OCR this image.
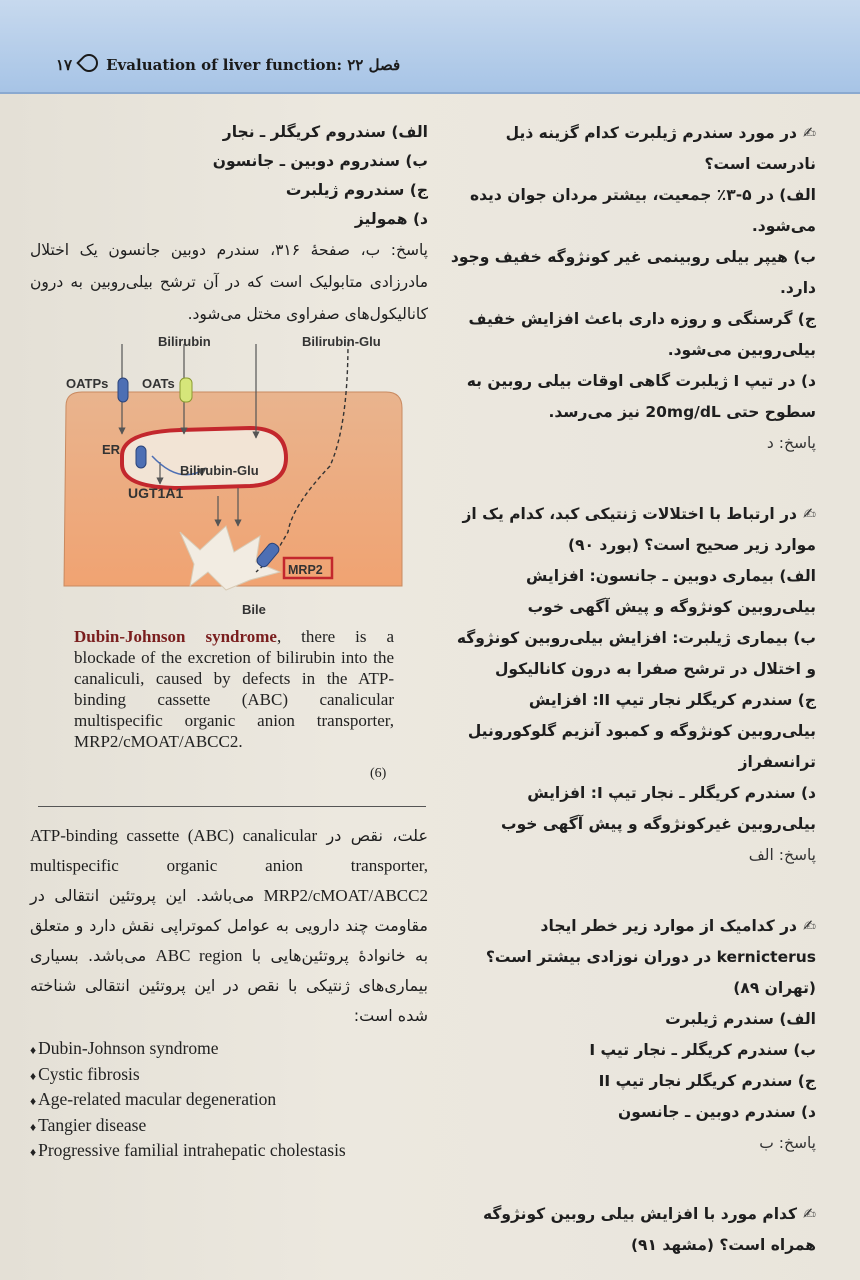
۱۷ Evaluation of liver function: فصل ۲۲
✍در مورد سندرم ژیلبرت کدام گزینه ذیل نادرست است؟
الف) در ۵-۳٪ جمعیت، بیشتر مردان جوان دیده می‌شود.
ب) هیپر بیلی روبینمی غیر کونژوگه خفیف وجود دارد.
ج) گرسنگی و روزه داری باعث افزایش خفیف بیلی‌روبین می‌شود.
د) در تیپ I ژیلبرت گاهی اوقات بیلی روبین به سطوح حتی 20mg/dL نیز می‌رسد.
پاسخ: د
✍در ارتباط با اختلالات ژنتیکی کبد، کدام یک از موارد زیر صحیح است؟ (بورد ۹۰)
الف) بیماری دوبین ـ جانسون: افزایش بیلی‌روبین کونژوگه و پیش آگهی خوب
ب) بیماری ژیلبرت: افزایش بیلی‌روبین کونژوگه و اختلال در ترشح صفرا به درون کانالیکول
ج) سندرم کریگلر نجار تیپ II: افزایش بیلی‌روبین کونژوگه و کمبود آنزیم گلوکورونیل ترانسفراز
د) سندرم کریگلر ـ نجار تیپ I: افزایش بیلی‌روبین غیرکونژوگه و پیش آگهی خوب
پاسخ: الف
✍در کدامیک از موارد زیر خطر ایجاد kernicterus در دوران نوزادی بیشتر است؟ (تهران ۸۹)
الف) سندرم ژیلبرت
ب) سندرم کریگلر ـ نجار تیپ I
ج) سندرم کریگلر نجار تیپ II
د) سندرم دوبین ـ جانسون
پاسخ: ب
✍کدام مورد با افزایش بیلی روبین کونژوگه همراه است؟ (مشهد ۹۱)
الف) سندروم کریگلر ـ نجار
ب) سندروم دوبین ـ جانسون
ج) سندروم ژیلبرت
د) همولیز
پاسخ: ب، صفحهٔ ۳۱۶، سندرم دوبین جانسون یک اختلال مادرزادی متابولیک است که در آن ترشح بیلی‌روبین به درون کانالیکول‌های صفراوی مختل می‌شود.
Bilirubin	Bilirubin-Glu
OATPs	OATs
ER
Bilirubin-Glu
UGT1A1
MRP2
Bile
Dubin-Johnson syndrome, there is a blockade of the excretion of bilirubin into the canaliculi, caused by defects in the ATP-binding cassette (ABC) canalicular multispecific organic anion transporter, MRP2/cMOAT/ABCC2.
(6)
علت، نقص در ATP-binding cassette (ABC) canalicular multispecific organic anion transporter, MRP2/cMOAT/ABCC2 می‌باشد. این پروتئین انتقالی در مقاومت چند دارویی به عوامل کموتراپی نقش دارد و متعلق به خانوادهٔ پروتئین‌هایی با ABC region می‌باشد. بسیاری بیماری‌های ژنتیکی با نقص در این پروتئین انتقالی شناخته شده است:
♦ Dubin-Johnson syndrome
♦ Cystic fibrosis
♦ Age-related macular degeneration
♦ Tangier disease
♦ Progressive familial intrahepatic cholestasis
